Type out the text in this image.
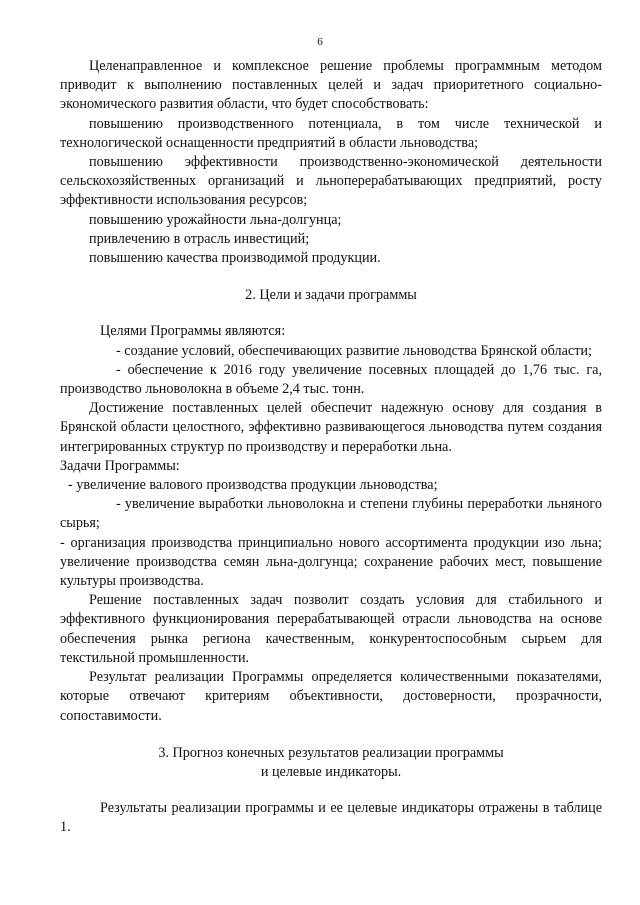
6

Целенаправленное и комплексное решение проблемы программным методом приводит к выполнению поставленных целей и задач приоритетного социально-экономического развития области, что будет способствовать:

повышению производственного потенциала, в том числе технической и технологической оснащенности предприятий в области льноводства;

повышению эффективности производственно-экономической деятельности сельскохозяйственных организаций и льноперерабатывающих предприятий, росту эффективности использования ресурсов;

повышению урожайности льна-долгунца;

привлечению в отрасль инвестиций;

повышению качества производимой продукции.

2. Цели и задачи программы

Целями Программы являются:

- создание условий, обеспечивающих развитие льноводства Брянской области;

- обеспечение к 2016 году увеличение посевных площадей до 1,76 тыс. га, производство льноволокна в объеме 2,4 тыс. тонн.

Достижение поставленных целей обеспечит надежную основу для создания в Брянской области целостного, эффективно развивающегося льноводства путем создания интегрированных структур по производству и переработки льна.

Задачи Программы:

- увеличение валового производства продукции льноводства;

- увеличение выработки льноволокна и степени глубины переработки льняного сырья;

- организация производства принципиально нового ассортимента продукции изо льна; увеличение производства семян льна-долгунца; сохранение рабочих мест, повышение культуры производства.

Решение поставленных задач позволит создать условия для стабильного и эффективного функционирования перерабатывающей отрасли льноводства на основе обеспечения рынка региона качественным, конкурентоспособным сырьем для текстильной промышленности.

Результат реализации Программы определяется количественными показателями, которые отвечают критериям объективности, достоверности, прозрачности, сопоставимости.

3. Прогноз конечных результатов реализации программы

и целевые индикаторы.

Результаты реализации программы и ее целевые индикаторы отражены в таблице 1.
